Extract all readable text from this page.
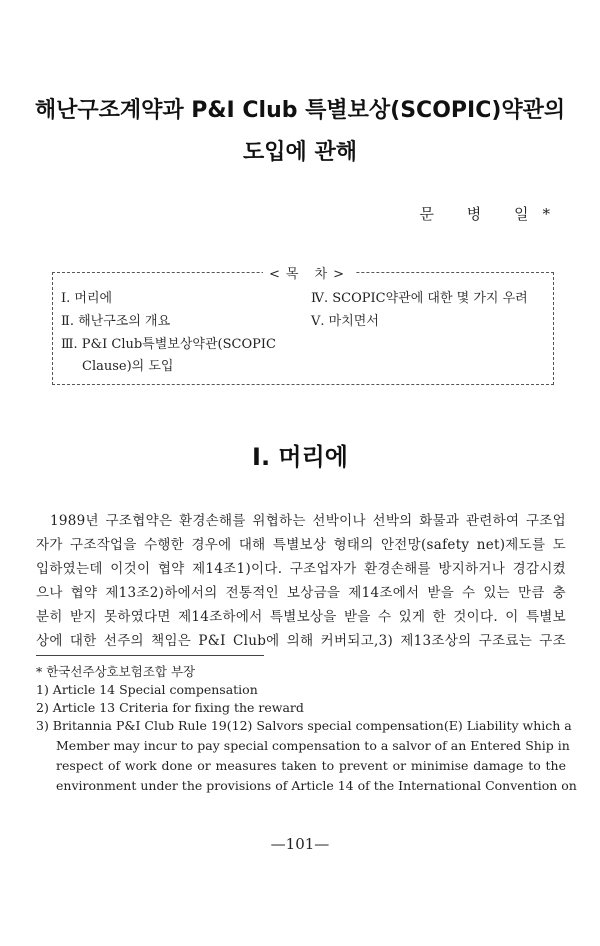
해난구조계약과 P&I Club 특별보상(SCOPIC)약관의
도입에 관해
문 병 일*
<목 차>
Ⅰ. 머리에
Ⅱ. 해난구조의 개요
Ⅲ. P&I Club특별보상약관(SCOPIC
Clause)의 도입
Ⅳ. SCOPIC약관에 대한 몇 가지 우려
Ⅴ. 마치면서
Ⅰ. 머리에
1989년 구조협약은 환경손해를 위협하는 선박이나 선박의 화물과 관련하여 구조업
자가 구조작업을 수행한 경우에 대해 특별보상 형태의 안전망(safety net)제도를 도
입하였는데 이것이 협약 제14조1)이다. 구조업자가 환경손해를 방지하거나 경감시켰
으나 협약 제13조2)하에서의 전통적인 보상금을 제14조에서 받을 수 있는 만큼 충
분히 받지 못하였다면 제14조하에서 특별보상을 받을 수 있게 한 것이다. 이 특별보
상에 대한 선주의 책임은 P&I Club에 의해 커버되고,3) 제13조상의 구조료는 구조
* 한국선주상호보험조합 부장
1) Article 14 Special compensation
2) Article 13 Criteria for fixing the reward
3) Britannia P&I Club Rule 19(12) Salvors special compensation(E) Liability which a
Member may incur to pay special compensation to a salvor of an Entered Ship in
respect of work done or measures taken to prevent or minimise damage to the
environment under the provisions of Article 14 of the International Convention on
—101—
